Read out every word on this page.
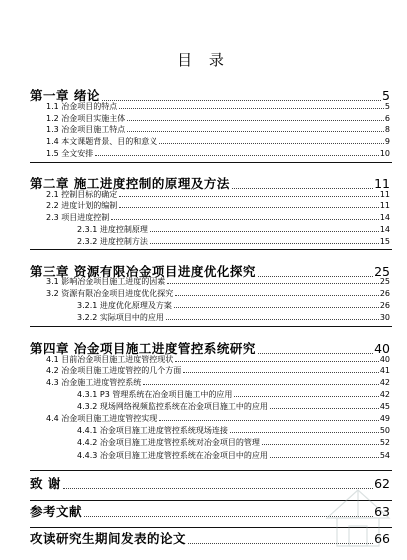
目 录
第一章 绪论	5
1.1 冶金项目的特点	5
1.2 冶金项目实施主体	6
1.3 冶金项目施工特点	8
1.4 本文课题背景、目的和意义	9
1.5 全文安排	10
第二章 施工进度控制的原理及方法	11
2.1 控制目标的确定	11
2.2 进度计划的编制	11
2.3 项目进度控制	14
2.3.1 进度控制原理	14
2.3.2 进度控制方法	15
第三章 资源有限冶金项目进度优化探究	25
3.1 影响冶金项目施工进度的因素	25
3.2 资源有限冶金项目进度优化探究	26
3.2.1 进度优化原理及方案	26
3.2.2 实际项目中的应用	30
第四章 冶金项目施工进度管控系统研究	40
4.1 目前冶金项目施工进度管控现状	40
4.2 冶金项目施工进度管控的几个方面	41
4.3 冶金施工进度管控系统	42
4.3.1 P3 管理系统在冶金项目施工中的应用	42
4.3.2 现场网络视频监控系统在冶金项目施工中的应用	45
4.4 冶金项目施工进度管控实现	49
4.4.1 冶金项目施工进度管控系统现场连接	50
4.4.2 冶金项目施工进度管控系统对冶金项目的管理	52
4.4.3 冶金项目施工进度管控系统在冶金项目中的应用	54
致 谢	62
参考文献	63
攻读研究生期间发表的论文	66
